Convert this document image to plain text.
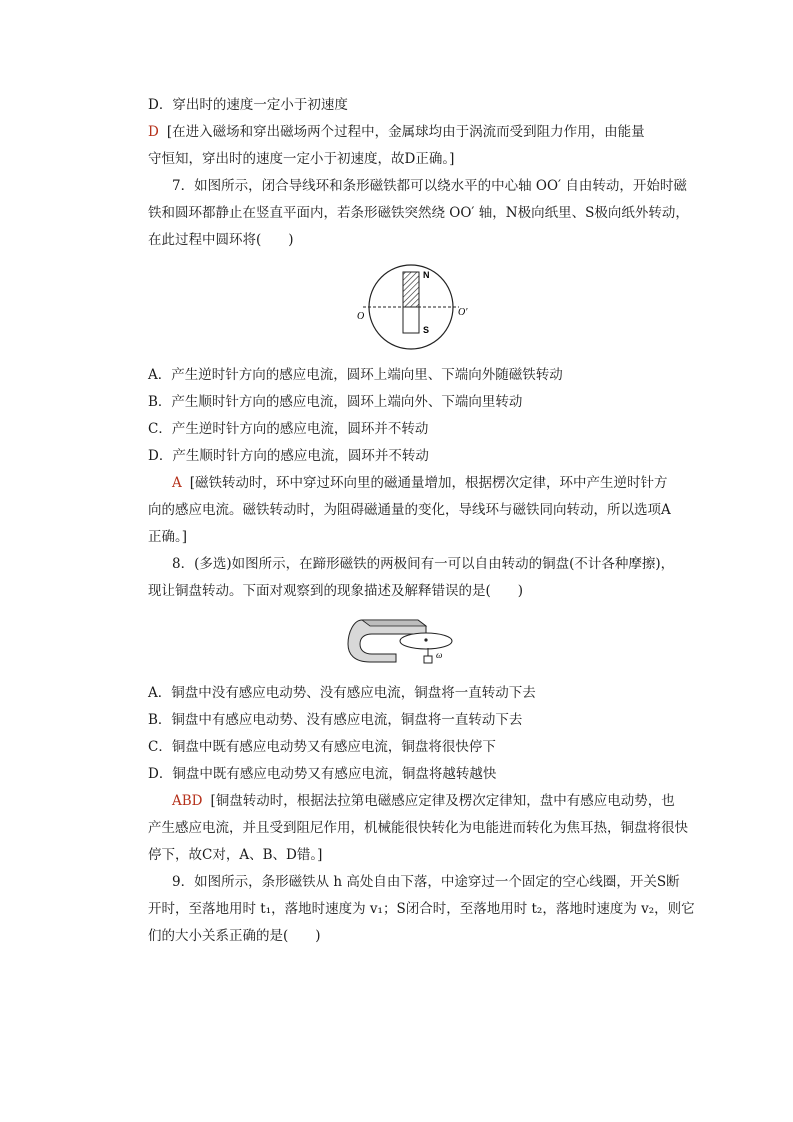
D．穿出时的速度一定小于初速度
D [在进入磁场和穿出磁场两个过程中，金属球均由于涡流而受到阻力作用，由能量
守恒知，穿出时的速度一定小于初速度，故D正确。]
7．如图所示，闭合导线环和条形磁铁都可以绕水平的中心轴 OO′ 自由转动，开始时磁
铁和圆环都静止在竖直平面内，若条形磁铁突然绕 OO′ 轴，N极向纸里、S极向纸外转动，
在此过程中圆环将(　　)
N
S
O	O′
A．产生逆时针方向的感应电流，圆环上端向里、下端向外随磁铁转动
B．产生顺时针方向的感应电流，圆环上端向外、下端向里转动
C．产生逆时针方向的感应电流，圆环并不转动
D．产生顺时针方向的感应电流，圆环并不转动
A [磁铁转动时，环中穿过环向里的磁通量增加，根据楞次定律，环中产生逆时针方
向的感应电流。磁铁转动时，为阻碍磁通量的变化，导线环与磁铁同向转动，所以选项A
正确。]
8．(多选)如图所示，在蹄形磁铁的两极间有一可以自由转动的铜盘(不计各种摩擦)，
现让铜盘转动。下面对观察到的现象描述及解释错误的是(　　)
ω
A．铜盘中没有感应电动势、没有感应电流，铜盘将一直转动下去
B．铜盘中有感应电动势、没有感应电流，铜盘将一直转动下去
C．铜盘中既有感应电动势又有感应电流，铜盘将很快停下
D．铜盘中既有感应电动势又有感应电流，铜盘将越转越快
ABD [铜盘转动时，根据法拉第电磁感应定律及楞次定律知，盘中有感应电动势，也
产生感应电流，并且受到阻尼作用，机械能很快转化为电能进而转化为焦耳热，铜盘将很快
停下，故C对，A、B、D错。]
9．如图所示，条形磁铁从 h 高处自由下落，中途穿过一个固定的空心线圈，开关S断
开时，至落地用时 t₁，落地时速度为 v₁；S闭合时，至落地用时 t₂，落地时速度为 v₂，则它
们的大小关系正确的是(　　)
